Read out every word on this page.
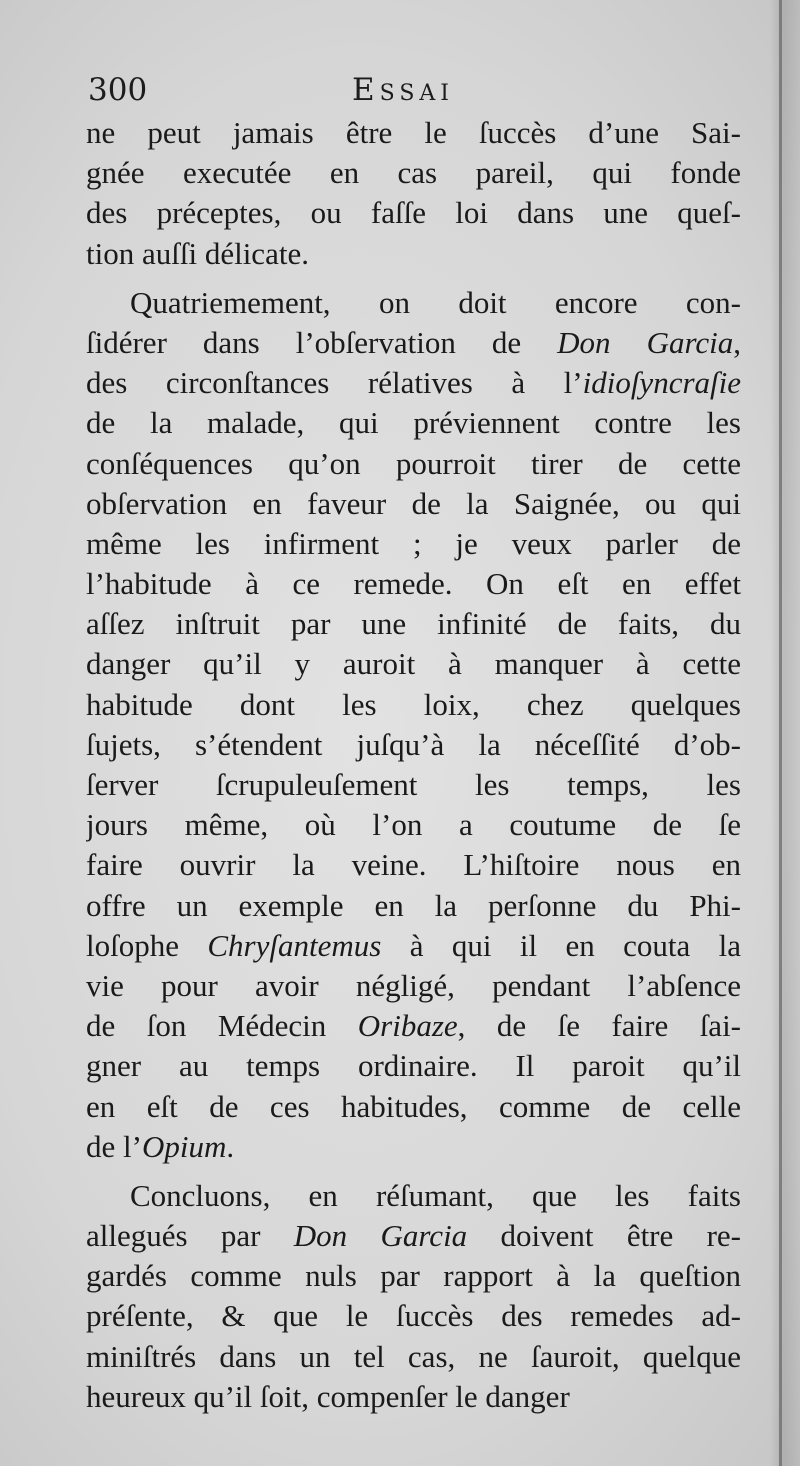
300	Essai
ne peut jamais être le ſuccès d’une Sai-
gnée executée en cas pareil, qui fonde
des préceptes, ou faſſe loi dans une queſ-
tion auſſi délicate.
Quatriemement, on doit encore con-
ſidérer dans l’obſervation de Don Garcia,
des circonſtances rélatives à l’idioſyncraſie
de la malade, qui préviennent contre les
conſéquences qu’on pourroit tirer de cette
obſervation en faveur de la Saignée, ou qui
même les infirment ; je veux parler de
l’habitude à ce remede. On eſt en effet
aſſez inſtruit par une infinité de faits, du
danger qu’il y auroit à manquer à cette
habitude dont les loix, chez quelques
ſujets, s’étendent juſqu’à la néceſſité d’ob-
ſerver ſcrupuleuſement les temps, les
jours même, où l’on a coutume de ſe
faire ouvrir la veine. L’hiſtoire nous en
offre un exemple en la perſonne du Phi-
loſophe Chryſantemus à qui il en couta la
vie pour avoir négligé, pendant l’abſence
de ſon Médecin Oribaze, de ſe faire ſai-
gner au temps ordinaire. Il paroit qu’il
en eſt de ces habitudes, comme de celle
de l’Opium.
Concluons, en réſumant, que les faits
allegués par Don Garcia doivent être re-
gardés comme nuls par rapport à la queſtion
préſente, & que le ſuccès des remedes ad-
miniſtrés dans un tel cas, ne ſauroit, quelque
heureux qu’il ſoit, compenſer le danger
